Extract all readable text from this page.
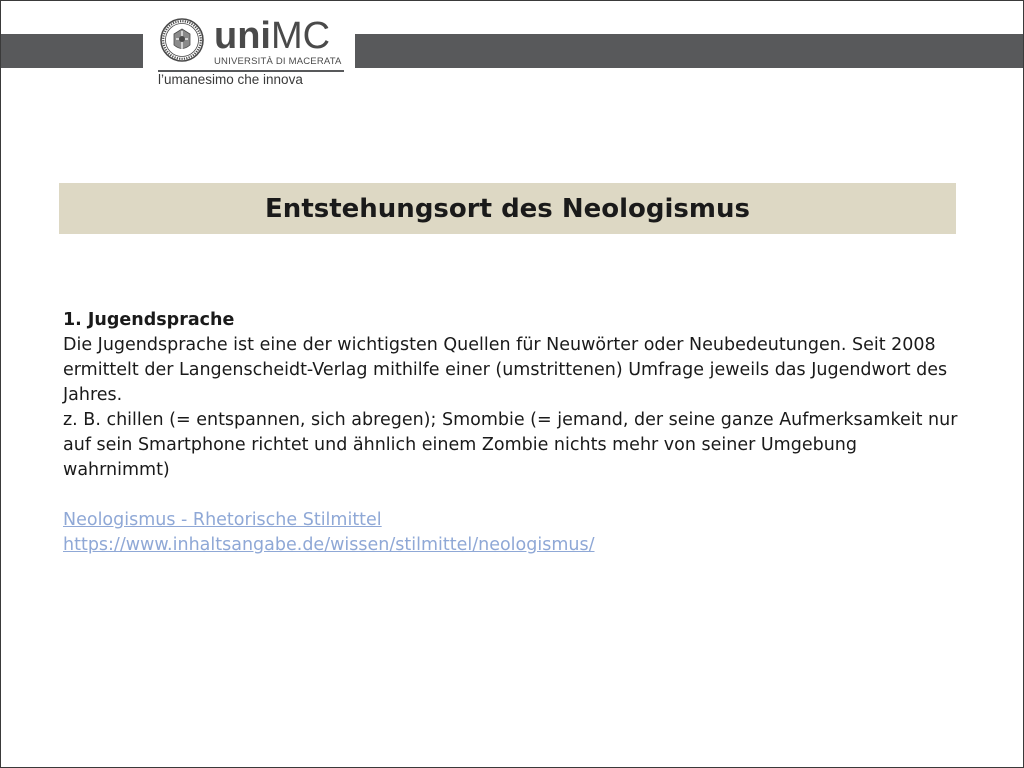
uniMC
UNIVERSITÀ DI MACERATA
l’umanesimo che innova
Entstehungsort des Neologismus

1. Jugendsprache

Die Jugendsprache ist eine der wichtigsten Quellen für Neuwörter oder Neubedeutungen. Seit 2008 ermittelt der Langenscheidt-Verlag mithilfe einer (umstrittenen) Umfrage jeweils das Jugendwort des Jahres.

z. B. chillen (= entspannen, sich abregen); Smombie (= jemand, der seine ganze Aufmerksamkeit nur auf sein Smartphone richtet und ähnlich einem Zombie nichts mehr von seiner Umgebung wahrnimmt)

Neologismus - Rhetorische Stilmittel
https://www.inhaltsangabe.de/wissen/stilmittel/neologismus/
